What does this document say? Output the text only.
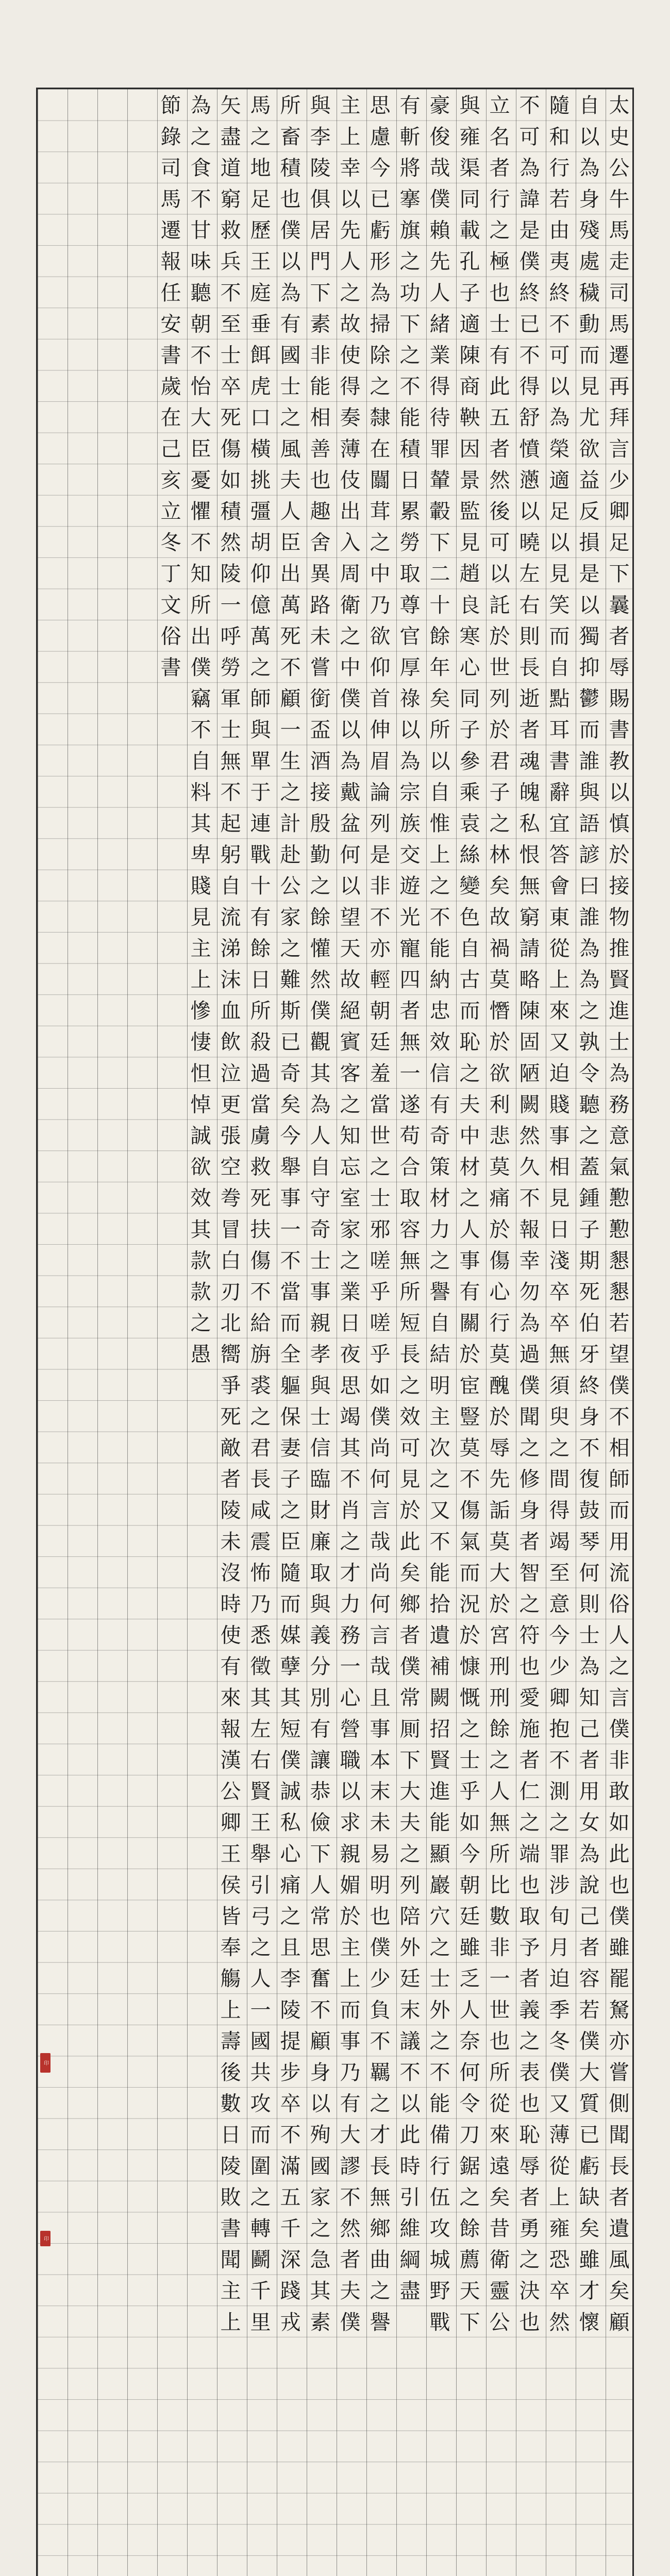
太史公牛馬走司馬遷再拜言少卿足下曩者辱賜書教以慎於接物推賢進士為務意氣懃懃懇懇若望僕不相師而用流俗人之言僕非敢如此也僕雖罷駑亦嘗側聞長者遺風矣顧
自以為身殘處穢動而見尤欲益反損是以獨抑鬱而誰與語諺曰誰為為之孰令聽之蓋鍾子期死伯牙終身不復鼓琴何則士為知己者用女為說己者容若僕大質已虧缺矣雖才懷
隨和行若由夷終不可以為榮適足以見笑而自點耳書辭宜答會東從上來又迫賤事相見日淺卒卒無須臾之間得竭至意今少卿抱不測之罪涉旬月迫季冬僕又薄從上雍恐卒然
不可為諱是僕終已不得舒憤懣以曉左右則長逝者魂魄私恨無窮請略陳固陋闕然久不報幸勿為過僕聞之修身者智之符也愛施者仁之端也取予者義之表也恥辱者勇之決也
立名者行之極也士有此五者然後可以託於世列於君子之林矣故禍莫憯於欲利悲莫痛於傷心行莫醜於辱先詬莫大於宮刑刑餘之人無所比數非一世也所從來遠矣昔衛靈公
與雍渠同載孔子適陳商鞅因景監見趙良寒心同子參乘袁絲變色自古而恥之夫中材之人事有關於宦豎莫不傷氣而況於慷慨之士乎如今朝廷雖乏人奈何令刀鋸之餘薦天下
豪俊哉僕賴先人緒業得待罪輦轂下二十餘年矣所以自惟上之不能納忠效信有奇策材力之譽自結明主次之又不能拾遺補闕招賢進能顯巖穴之士外之不能備行伍攻城野戰
有斬將搴旗之功下之不能積日累勞取尊官厚祿以為宗族交遊光寵四者無一遂苟合取容無所短長之效可見於此矣鄉者僕常厠下大夫之列陪外廷末議不以此時引維綱盡
思慮今已虧形為掃除之隸在闒茸之中乃欲仰首伸眉論列是非不亦輕朝廷羞當世之士邪嗟乎嗟乎如僕尚何言哉尚何言哉且事本末未易明也僕少負不羈之才長無鄉曲之譽
主上幸以先人之故使得奏薄伎出入周衛之中僕以為戴盆何以望天故絕賓客之知忘室家之業日夜思竭其不肖之才力務一心營職以求親媚於主上而事乃有大謬不然者夫僕
與李陵俱居門下素非能相善也趣舍異路未嘗銜盃酒接殷勤之餘懽然僕觀其為人自守奇士事親孝與士信臨財廉取與義分別有讓恭儉下人常思奮不顧身以殉國家之急其素
所畜積也僕以為有國士之風夫人臣出萬死不顧一生之計赴公家之難斯已奇矣今舉事一不當而全軀保妻子之臣隨而媒孽其短僕誠私心痛之且李陵提步卒不滿五千深踐戎
馬之地足歷王庭垂餌虎口橫挑彊胡仰億萬之師與單于連戰十有餘日所殺過當虜救死扶傷不給旃裘之君長咸震怖乃悉徵其左右賢王舉引弓之人一國共攻而圍之轉鬬千里
矢盡道窮救兵不至士卒死傷如積然陵一呼勞軍士無不起躬自流涕沫血飲泣更張空弮冒白刃北嚮爭死敵者陵未沒時使有來報漢公卿王侯皆奉觴上壽後數日陵敗書聞主上
為之食不甘味聽朝不怡大臣憂懼不知所出僕竊不自料其卑賤見主上慘悽怛悼誠欲效其款款之愚
節錄司馬遷報任安書歲在己亥立冬丁文俗書
印
印
